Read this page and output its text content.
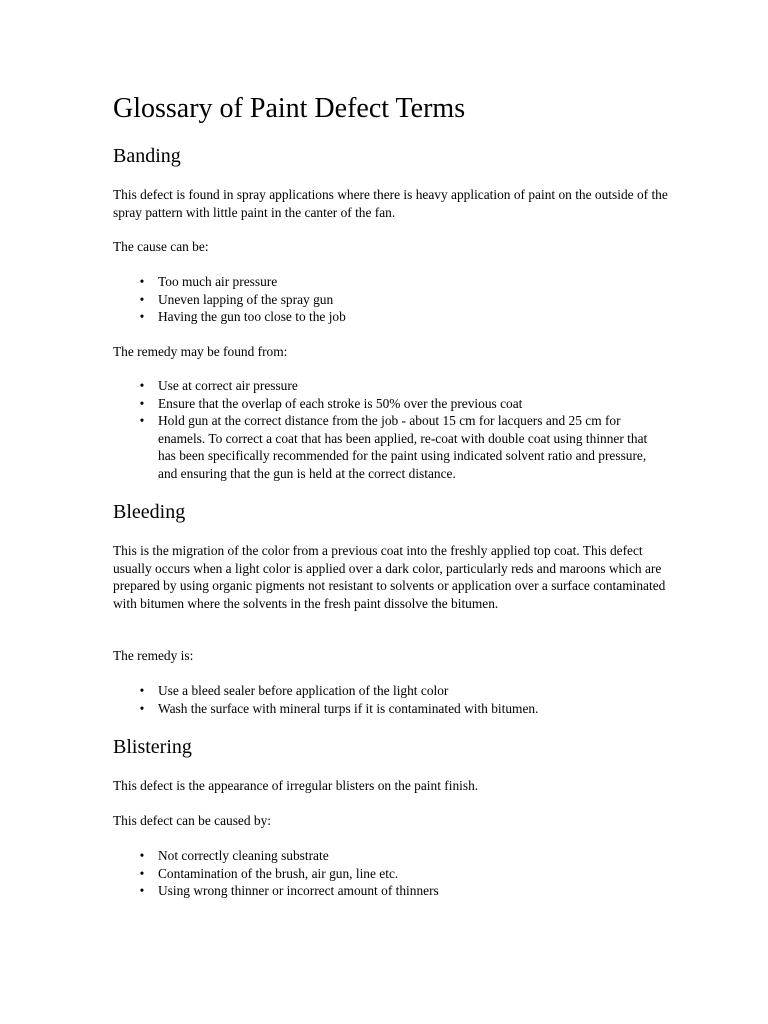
Glossary of Paint Defect Terms
Banding

This defect is found in spray applications where there is heavy application of paint on the outside of the spray pattern with little paint in the canter of the fan.

The cause can be:

• Too much air pressure
• Uneven lapping of the spray gun
• Having the gun too close to the job

The remedy may be found from:

• Use at correct air pressure
• Ensure that the overlap of each stroke is 50% over the previous coat
• Hold gun at the correct distance from the job - about 15 cm for lacquers and 25 cm for enamels. To correct a coat that has been applied, re-coat with double coat using thinner that has been specifically recommended for the paint using indicated solvent ratio and pressure, and ensuring that the gun is held at the correct distance.
Bleeding

This is the migration of the color from a previous coat into the freshly applied top coat. This defect usually occurs when a light color is applied over a dark color, particularly reds and maroons which are prepared by using organic pigments not resistant to solvents or application over a surface contaminated with bitumen where the solvents in the fresh paint dissolve the bitumen.

The remedy is:

• Use a bleed sealer before application of the light color
• Wash the surface with mineral turps if it is contaminated with bitumen.
Blistering

This defect is the appearance of irregular blisters on the paint finish.

This defect can be caused by:

• Not correctly cleaning substrate
• Contamination of the brush, air gun, line etc.
• Using wrong thinner or incorrect amount of thinners
